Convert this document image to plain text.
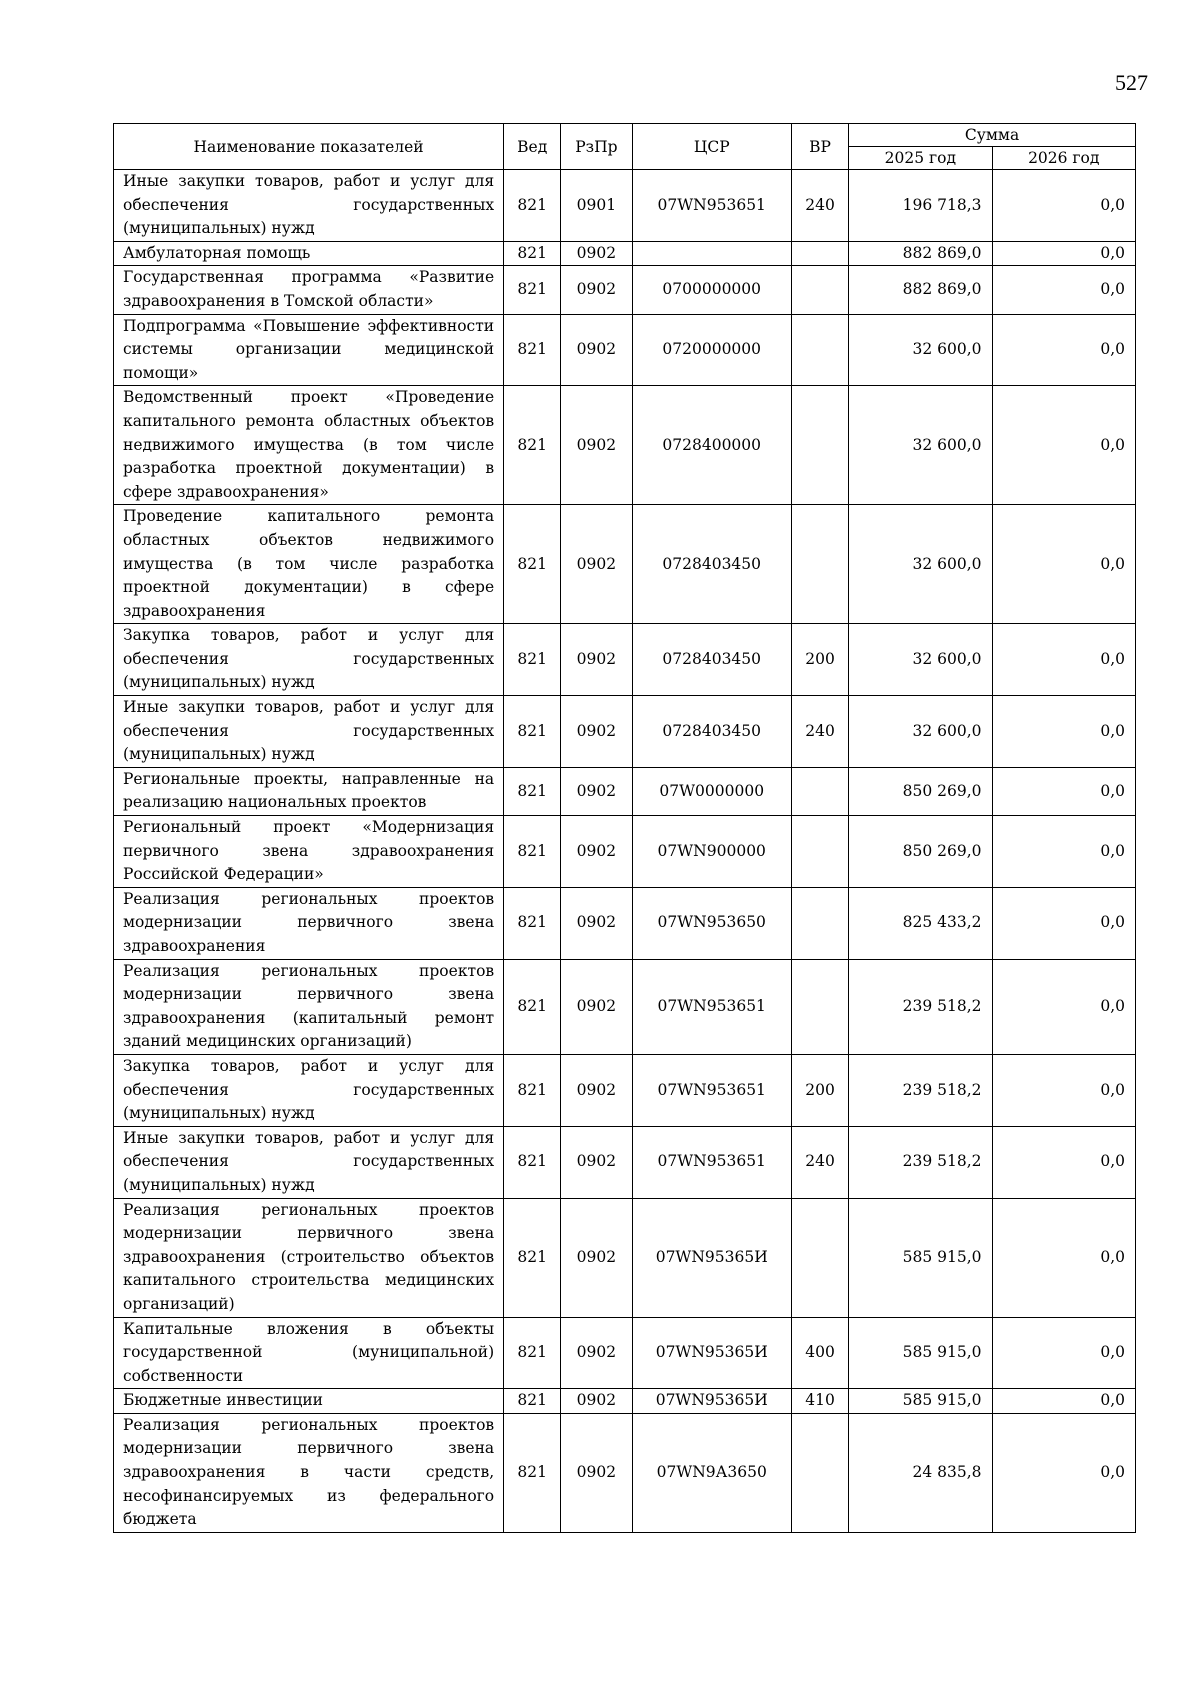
527
Наименование показателей	Вед	РзПр	ЦСР	ВР	Сумма	
					2025 год	2026 год
Иные закупки товаров, работ и услуг для обеспечения государственных (муниципальных) нужд	821	0901	07WN953651	240	196 718,3	0,0
Амбулаторная помощь	821	0902			882 869,0	0,0
Государственная программа «Развитие здравоохранения в Томской области»	821	0902	0700000000		882 869,0	0,0
Подпрограмма «Повышение эффективности системы организации медицинской помощи»	821	0902	0720000000		32 600,0	0,0
Ведомственный проект «Проведение капитального ремонта областных объектов недвижимого имущества (в том числе разработка проектной документации) в сфере здравоохранения»	821	0902	0728400000		32 600,0	0,0
Проведение капитального ремонта областных объектов недвижимого имущества (в том числе разработка проектной документации) в сфере здравоохранения	821	0902	0728403450		32 600,0	0,0
Закупка товаров, работ и услуг для обеспечения государственных (муниципальных) нужд	821	0902	0728403450	200	32 600,0	0,0
Иные закупки товаров, работ и услуг для обеспечения государственных (муниципальных) нужд	821	0902	0728403450	240	32 600,0	0,0
Региональные проекты, направленные на реализацию национальных проектов	821	0902	07W0000000		850 269,0	0,0
Региональный проект «Модернизация первичного звена здравоохранения Российской Федерации»	821	0902	07WN900000		850 269,0	0,0
Реализация региональных проектов модернизации первичного звена здравоохранения	821	0902	07WN953650		825 433,2	0,0
Реализация региональных проектов модернизации первичного звена здравоохранения (капитальный ремонт зданий медицинских организаций)	821	0902	07WN953651		239 518,2	0,0
Закупка товаров, работ и услуг для обеспечения государственных (муниципальных) нужд	821	0902	07WN953651	200	239 518,2	0,0
Иные закупки товаров, работ и услуг для обеспечения государственных (муниципальных) нужд	821	0902	07WN953651	240	239 518,2	0,0
Реализация региональных проектов модернизации первичного звена здравоохранения (строительство объектов капитального строительства медицинских организаций)	821	0902	07WN95365И		585 915,0	0,0
Капитальные вложения в объекты государственной (муниципальной) собственности	821	0902	07WN95365И	400	585 915,0	0,0
Бюджетные инвестиции	821	0902	07WN95365И	410	585 915,0	0,0
Реализация региональных проектов модернизации первичного звена здравоохранения в части средств, несофинансируемых из федерального бюджета	821	0902	07WN9А3650		24 835,8	0,0
